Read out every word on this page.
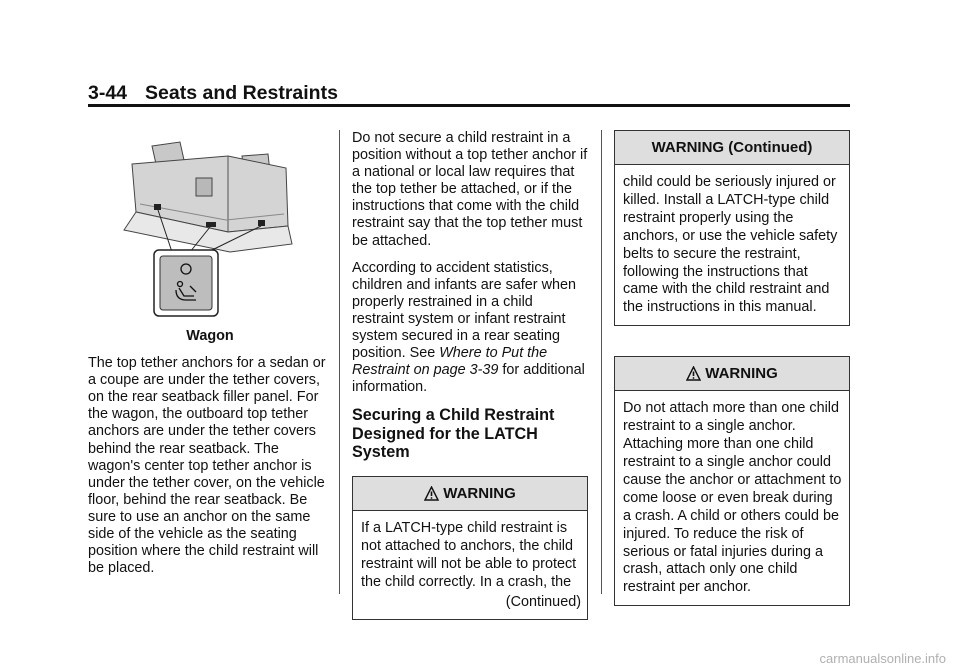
3-44 Seats and Restraints
Wagon

The top tether anchors for a sedan or a coupe are under the tether covers, on the rear seatback filler panel. For the wagon, the outboard top tether anchors are under the tether covers behind the rear seatback. The wagon's center top tether anchor is under the tether cover, on the vehicle floor, behind the rear seatback. Be sure to use an anchor on the same side of the vehicle as the seating position where the child restraint will be placed.

Do not secure a child restraint in a position without a top tether anchor if a national or local law requires that the top tether be attached, or if the instructions that come with the child restraint say that the top tether must be attached.

According to accident statistics, children and infants are safer when properly restrained in a child restraint system or infant restraint system secured in a rear seating position. See Where to Put the Restraint on page 3-39 for additional information.

Securing a Child Restraint Designed for the LATCH System
WARNING
If a LATCH-type child restraint is not attached to anchors, the child restraint will not be able to protect the child correctly. In a crash, the
(Continued)
WARNING (Continued)
child could be seriously injured or killed. Install a LATCH-type child restraint properly using the anchors, or use the vehicle safety belts to secure the restraint, following the instructions that came with the child restraint and the instructions in this manual.
WARNING
Do not attach more than one child restraint to a single anchor. Attaching more than one child restraint to a single anchor could cause the anchor or attachment to come loose or even break during a crash. A child or others could be injured. To reduce the risk of serious or fatal injuries during a crash, attach only one child restraint per anchor.
carmanualsonline.info
